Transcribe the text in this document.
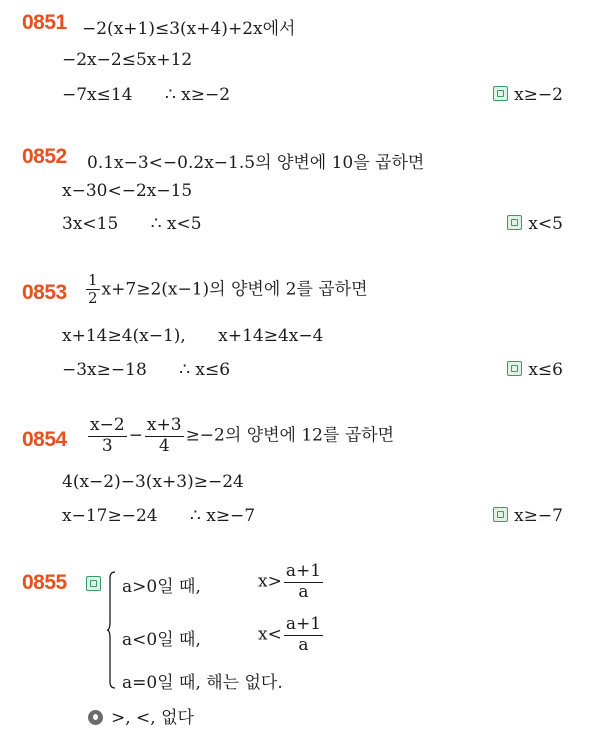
0851 −2(x+1)≤3(x+4)+2x에서
−2x−2≤5x+12
−7x≤14      ∴ x≥−2	x≥−2
0852 0.1x−3<−0.2x−1.5의 양변에 10을 곱하면
x−30<−2x−15
3x<15      ∴ x<5	x<5
$0853 \frac{1}{2} x+7\ge 2(x-1)$의 양변에 2를 곱하면
x+14≥4(x−1),      x+14≥4x−4
−3x≥−18      ∴ x≤6	x≤6
$0854 \frac{x-2}{3} - \frac{x+3}{4} \ge-2$의 양변에 12를 곱하면
4(x−2)−3(x+3)≥−24
x−17≥−24      ∴ x≥−7	x≥−7
0855	a>0일 때,	$x> \frac{a+1}{a}$
a<0일 때,	$x< \frac{a+1}{a}$
a=0일 때, 해는 없다.
>, <, 없다
